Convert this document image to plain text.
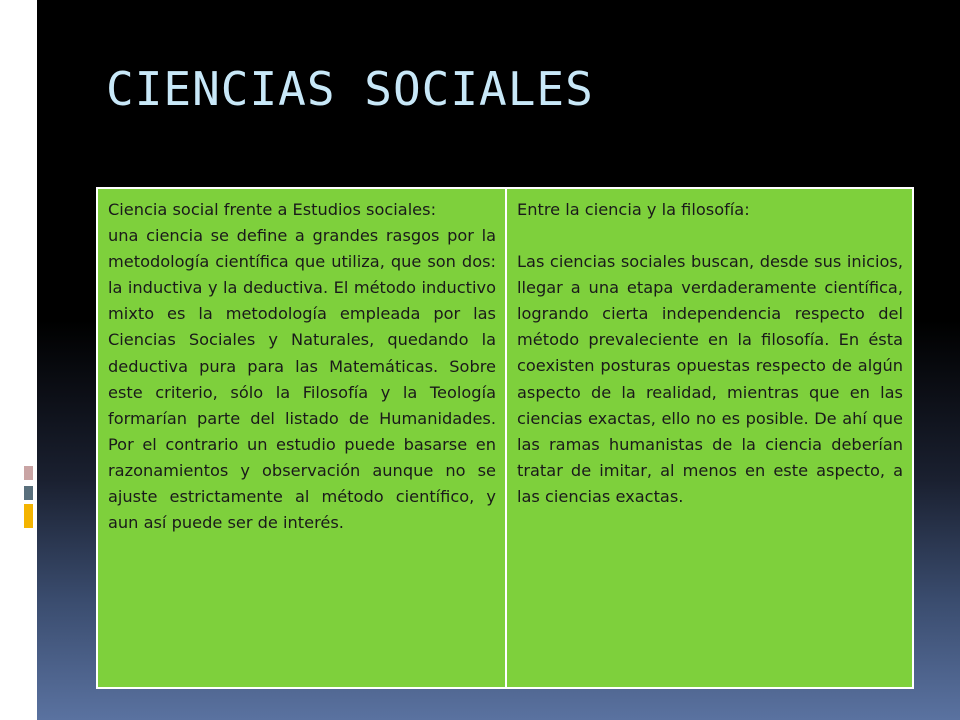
CIENCIAS SOCIALES

Ciencia social frente a Estudios sociales:

una ciencia se define a grandes rasgos por la metodología científica que utiliza, que son dos: la inductiva y la deductiva. El método inductivo mixto es la metodología empleada por las Ciencias Sociales y Naturales, quedando la deductiva pura para las Matemáticas. Sobre este criterio, sólo la Filosofía y la Teología formarían parte del listado de Humanidades. Por el contrario un estudio puede basarse en razonamientos y observación aunque no se ajuste estrictamente al método científico, y aun así puede ser de interés.

Entre la ciencia y la filosofía:

Las ciencias sociales buscan, desde sus inicios, llegar a una etapa verdaderamente científica, logrando cierta independencia respecto del método prevaleciente en la filosofía. En ésta coexisten posturas opuestas respecto de algún aspecto de la realidad, mientras que en las ciencias exactas, ello no es posible. De ahí que las ramas humanistas de la ciencia deberían tratar de imitar, al menos en este aspecto, a las ciencias exactas.
